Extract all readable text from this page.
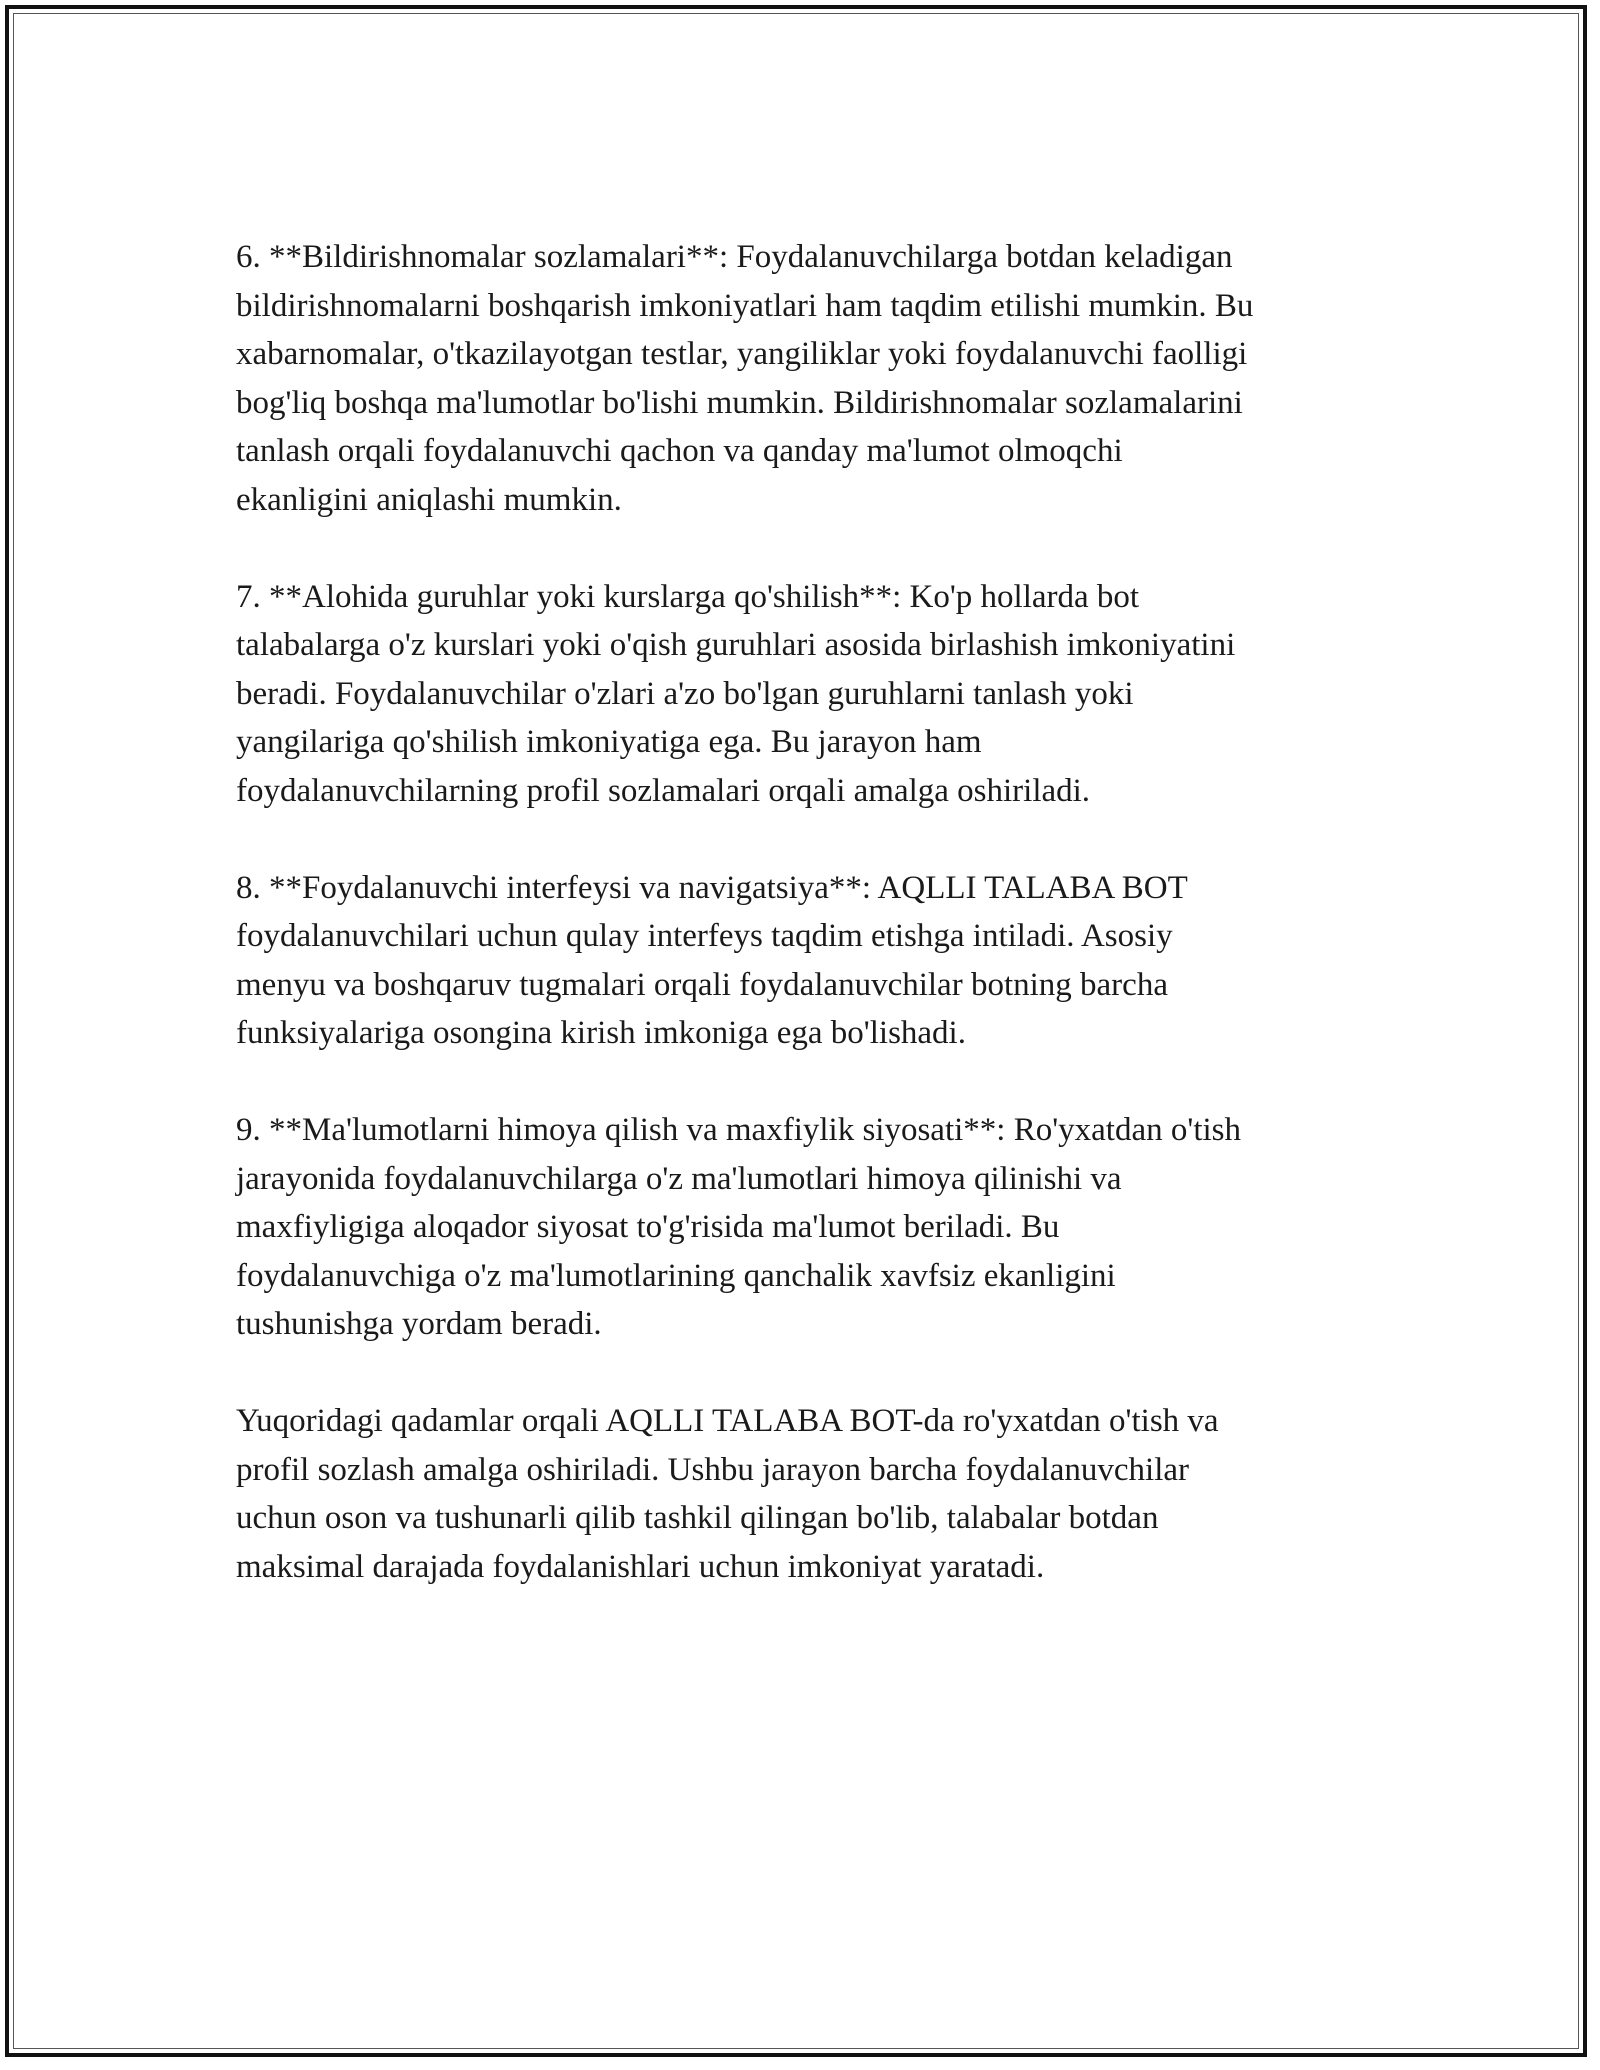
6. **Bildirishnomalar sozlamalari**: Foydalanuvchilarga botdan keladigan
bildirishnomalarni boshqarish imkoniyatlari ham taqdim etilishi mumkin. Bu
xabarnomalar, o'tkazilayotgan testlar, yangiliklar yoki foydalanuvchi faolligi
bog'liq boshqa ma'lumotlar bo'lishi mumkin. Bildirishnomalar sozlamalarini
tanlash orqali foydalanuvchi qachon va qanday ma'lumot olmoqchi
ekanligini aniqlashi mumkin.

7. **Alohida guruhlar yoki kurslarga qo'shilish**: Ko'p hollarda bot
talabalarga o'z kurslari yoki o'qish guruhlari asosida birlashish imkoniyatini
beradi. Foydalanuvchilar o'zlari a'zo bo'lgan guruhlarni tanlash yoki
yangilariga qo'shilish imkoniyatiga ega. Bu jarayon ham
foydalanuvchilarning profil sozlamalari orqali amalga oshiriladi.

8. **Foydalanuvchi interfeysi va navigatsiya**: AQLLI TALABA BOT
foydalanuvchilari uchun qulay interfeys taqdim etishga intiladi. Asosiy
menyu va boshqaruv tugmalari orqali foydalanuvchilar botning barcha
funksiyalariga osongina kirish imkoniga ega bo'lishadi.

9. **Ma'lumotlarni himoya qilish va maxfiylik siyosati**: Ro'yxatdan o'tish
jarayonida foydalanuvchilarga o'z ma'lumotlari himoya qilinishi va
maxfiyligiga aloqador siyosat to'g'risida ma'lumot beriladi. Bu
foydalanuvchiga o'z ma'lumotlarining qanchalik xavfsiz ekanligini
tushunishga yordam beradi.

Yuqoridagi qadamlar orqali AQLLI TALABA BOT-da ro'yxatdan o'tish va
profil sozlash amalga oshiriladi. Ushbu jarayon barcha foydalanuvchilar
uchun oson va tushunarli qilib tashkil qilingan bo'lib, talabalar botdan
maksimal darajada foydalanishlari uchun imkoniyat yaratadi.
